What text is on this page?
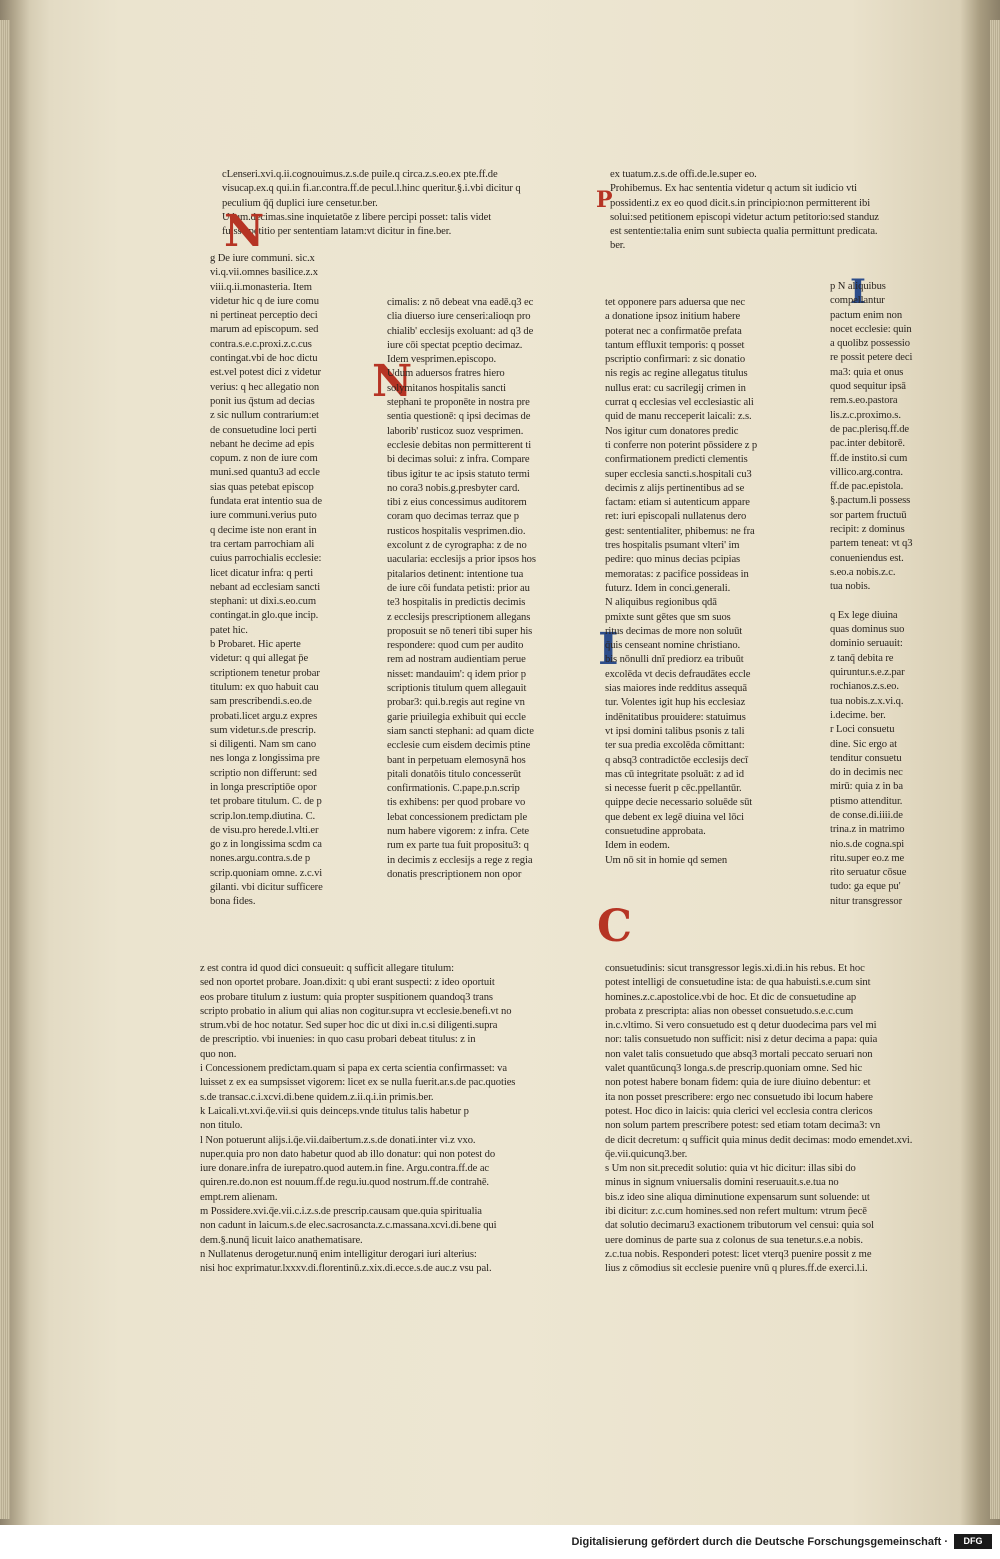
cLenseri.xvi.q.ii.cognouimus.z.s.de puile.q circa.z.s.eo.ex pte.ff.de
visucap.ex.q qui.in fi.ar.contra.ff.de pecul.l.hinc queritur.§.i.vbi dicitur q
peculium q̄q̄ duplici iure censetur.ber.
Udum.decimas.sine inquietatōe z libere percipi posset: talis videt
fuisse petitio per sententiam latam:vt dicitur in fine.ber.
ex tuatum.z.s.de offi.de.le.super eo.
Prohibemus. Ex hac sententia videtur q actum sit iudicio vti
possidenti.z ex eo quod dicit.s.in principio:non permitterent ibi
solui:sed petitionem episcopi videtur actum petitorio:sed standuz
est sententie:talia enim sunt subiecta qualia permittunt predicata.
ber.
N
P
N
I
I
C
g De iure communi. sic.x
vi.q.vii.omnes basilice.z.x
viii.q.ii.monasteria. Item
videtur hic q de iure comu
ni pertineat perceptio deci
marum ad episcopum. sed
contra.s.e.c.proxi.z.c.cus
contingat.vbi de hoc dictu
est.vel potest dici z videtur
verius: q hec allegatio non
ponit ius q̄stum ad decias
z sic nullum contrarium:et
de consuetudine loci perti
nebant he decime ad epis
copum. z non de iure com
muni.sed quantu3 ad eccle
sias quas petebat episcop
fundata erat intentio sua de
iure communi.verius puto
q decime iste non erant in
tra certam parrochiam ali
cuius parrochialis ecclesie:
licet dicatur infra: q perti
nebant ad ecclesiam sancti
stephani: ut dixi.s.eo.cum
contingat.in glo.que incip.
patet hic.
b Probaret. Hic aperte
videtur: q qui allegat p̄e
scriptionem tenetur probar
titulum: ex quo habuit cau
sam prescribendi.s.eo.de
probati.licet argu.z expres
sum videtur.s.de prescrip.
si diligenti. Nam sm cano
nes longa z longissima pre
scriptio non differunt: sed
in longa prescriptiōe opor
tet probare titulum. C. de p
scrip.lon.temp.diutina. C.
de visu.pro herede.l.vlti.er
go z in longissima scdm ca
nones.argu.contra.s.de p
scrip.quoniam omne. z.c.vi
gilanti. vbi dicitur sufficere
bona fides.
cimalis: z nō debeat vna eadē.q3 ec
clia diuerso iure censeri:alioqn pro
chialib' ecclesijs exoluant: ad q3 de
iure cōi spectat pceptio decimaz.
Idem vesprimen.episcopo.
Udum aduersos fratres hiero
solymitanos hospitalis sancti
stephani te proponēte in nostra pre
sentia questionē: q ipsi decimas de
laborib' rusticoz suoz vesprimen.
ecclesie debitas non permitterent ti
bi decimas solui: z infra. Compare
tibus igitur te ac ipsis statuto termi
no cora3 nobis.g.presbyter card.
tibi z eius concessimus auditorem
coram quo decimas terraz que p
rusticos hospitalis vesprimen.dio.
excolunt z de cyrographa: z de no
uacularia: ecclesijs a prior ipsos hos
pitalarios detinent: intentione tua
de iure cōi fundata petisti: prior au
te3 hospitalis in predictis decimis
z ecclesijs prescriptionem allegans
proposuit se nō teneri tibi super his
respondere: quod cum per audito
rem ad nostram audientiam perue
nisset: mandauim': q idem prior p
scriptionis titulum quem allegauit
probar3: qui.b.regis aut regine vn
garie priuilegia exhibuit qui eccle
siam sancti stephani: ad quam dicte
ecclesie cum eisdem decimis ptine
bant in perpetuam elemosynā hos
pitali donatōis titulo concesserūt
confirmationis. C.pape.p.n.scrip
tis exhibens: per quod probare vo
lebat concessionem predictam ple
num habere vigorem: z infra. Cete
rum ex parte tua fuit propositu3: q
in decimis z ecclesijs a rege z regia
donatis prescriptionem non opor
tet opponere pars aduersa que nec
a donatione ipsoz initium habere
poterat nec a confirmatōe prefata
tantum effluxit temporis: q posset
pscriptio confirmari: z sic donatio
nis regis ac regine allegatus titulus
nullus erat: cu sacrilegij crimen in
currat q ecclesias vel ecclesiastic ali
quid de manu recceperit laicali: z.s.
Nos igitur cum donatores predic
ti conferre non poterint pōssidere z p
confirmationem predicti clementis
super ecclesia sancti.s.hospitali cu3
decimis z alijs pertinentibus ad se
factam: etiam si autenticum appare
ret: iuri episcopali nullatenus dero
gest: sententialiter, phibemus: ne fra
tres hospitalis psumant vlteri' im
pedire: quo minus decias pcipias
memoratas: z pacifice possideas in
futurz. Idem in conci.generali.
N aliquibus regionibus qdā
pmixte sunt gētes que sm suos
ritus decimas de more non soluūt
q̄uis censeant nomine christiano.
bis nōnulli dnī prediorz ea tribuūt
excolēda vt decis defraudātes eccle
sias maiores inde redditus assequā
tur. Volentes igit hup his ecclesiaz
indēnitatibus prouidere: statuimus
vt ipsi domini talibus psonis z tali
ter sua predia excolēda cōmittant:
q absq3 contradictōe ecclesijs decī
mas cū integritate psoluāt: z ad id
si necesse fuerit p cēc.ppellantūr.
quippe decie necessario soluēde sūt
que debent ex legē diuina vel lōci
consuetudine approbata.
Idem in eodem.
Um nō sit in homie qd semen
p N aliquibus
compellantur
pactum enim non
nocet ecclesie: quin
a quolibz possessio
re possit petere deci
ma3: quia et onus
quod sequitur ipsā
rem.s.eo.pastora
lis.z.c.proximo.s.
de pac.plerisq.ff.de
pac.inter debitorē.
ff.de instito.si cum
villico.arg.contra.
ff.de pac.epistola.
§.pactum.li possess
sor partem fructuū
recipit: z dominus
partem teneat: vt q3
conueniendus est.
s.eo.a nobis.z.c.
tua nobis.

q Ex lege diuina
quas dominus suo
dominio seruauit:
z tanq̄ debita re
quiruntur.s.e.z.par
rochianos.z.s.eo.
tua nobis.z.x.vi.q.
i.decime. ber.
r Loci consuetu
dine. Sic ergo at
tenditur consuetu
do in decimis nec
mirū: quia z in ba
ptismo attenditur.
de conse.di.iiii.de
trina.z in matrimo
nio.s.de cogna.spi
ritu.super eo.z me
rito seruatur cōsue
tudo: ga eque pu'
nitur transgressor
z est contra id quod dici consueuit: q sufficit allegare titulum:
sed non oportet probare. Joan.dixit: q ubi erant suspecti: z ideo oportuit
eos probare titulum z iustum: quia propter suspitionem quandoq3 trans
scripto probatio in alium qui alias non cogitur.supra vt ecclesie.benefi.vt no
strum.vbi de hoc notatur. Sed super hoc dic ut dixi in.c.si diligenti.supra
de prescriptio. vbi inuenies: in quo casu probari debeat titulus: z in
quo non.
i Concessionem predictam.quam si papa ex certa scientia confirmasset: va
luisset z ex ea sumpsisset vigorem: licet ex se nulla fuerit.ar.s.de pac.quoties
s.de transac.c.i.xcvi.di.bene quidem.z.ii.q.i.in primis.ber.
k Laicali.vt.xvi.q̄e.vii.si quis deinceps.vnde titulus talis habetur p
non titulo.
l Non potuerunt alijs.i.q̄e.vii.daibertum.z.s.de donati.inter vi.z vxo.
nuper.quia pro non dato habetur quod ab illo donatur: qui non potest do
iure donare.infra de iurepatro.quod autem.in fine. Argu.contra.ff.de ac
quiren.re.do.non est nouum.ff.de regu.iu.quod nostrum.ff.de contrahē.
empt.rem alienam.
m Possidere.xvi.q̄e.vii.c.i.z.s.de prescrip.causam que.quia spiritualia
non cadunt in laicum.s.de elec.sacrosancta.z.c.massana.xcvi.di.bene qui
dem.§.nunq̄ licuit laico anathematisare.
n Nullatenus derogetur.nunq̄ enim intelligitur derogari iuri alterius:
nisi hoc exprimatur.lxxxv.di.florentinū.z.xix.di.ecce.s.de auc.z vsu pal.
consuetudinis: sicut transgressor legis.xi.di.in his rebus. Et hoc
potest intelligi de consuetudine ista: de qua habuisti.s.e.cum sint
homines.z.c.apostolice.vbi de hoc. Et dic de consuetudine ap
probata z prescripta: alias non obesset consuetudo.s.e.c.cum
in.c.vltimo. Si vero consuetudo est q detur duodecima pars vel mi
nor: talis consuetudo non sufficit: nisi z detur decima a papa: quia
non valet talis consuetudo que absq3 mortali peccato seruari non
valet quantūcunq3 longa.s.de prescrip.quoniam omne. Sed hic
non potest habere bonam fidem: quia de iure diuino debentur: et
ita non posset prescribere: ergo nec consuetudo ibi locum habere
potest. Hoc dico in laicis: quia clerici vel ecclesia contra clericos
non solum partem prescribere potest: sed etiam totam decima3: vn
de dicit decretum: q sufficit quia minus dedit decimas: modo emendet.xvi.
q̄e.vii.quicunq3.ber.
s Um non sit.precedit solutio: quia vt hic dicitur: illas sibi do
minus in signum vniuersalis domini reseruauit.s.e.tua no
bis.z ideo sine aliqua diminutione expensarum sunt soluende: ut
ibi dicitur: z.c.cum homines.sed non refert multum: vtrum p̄ecē
dat solutio decimaru3 exactionem tributorum vel censui: quia sol
uere dominus de parte sua z colonus de sua tenetur.s.e.a nobis.
z.c.tua nobis. Responderi potest: licet vterq3 puenire possit z me
lius z cōmodius sit ecclesie puenire vnū q plures.ff.de exerci.l.i.
Digitalisierung gefördert durch die Deutsche Forschungsgemeinschaft ·	DFG
